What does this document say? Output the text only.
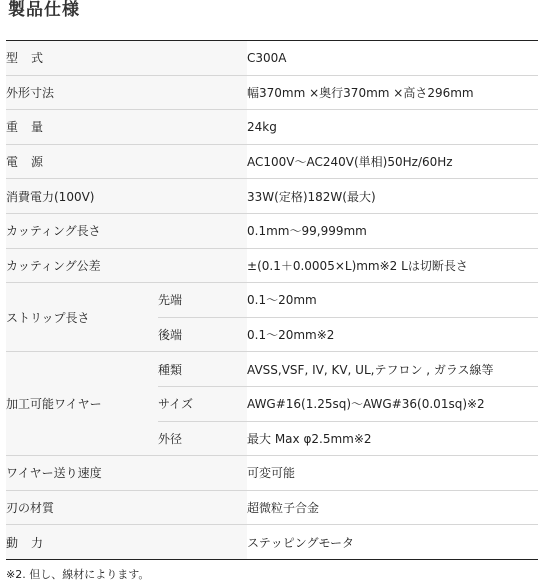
製品仕様
型式		C300A
外形寸法		幅370mm ×奥行370mm ×高さ296mm
重量		24kg
電源		AC100V～AC240V(単相)50Hz/60Hz
消費電力(100V)		33W(定格)182W(最大)
カッティング長さ		0.1mm～99,999mm
カッティング公差		±(0.1＋0.0005×L)mm※2 Lは切断長さ
ストリップ長さ	先端	0.1～20mm
	後端	0.1～20mm※2
加工可能ワイヤー	種類	AVSS,VSF, IV, KV, UL,テフロン , ガラス線等
	サイズ	AWG#16(1.25sq)～AWG#36(0.01sq)※2
	外径	最大 Max φ2.5mm※2
ワイヤー送り速度		可変可能
刃の材質		超微粒子合金
動力		ステッピングモータ
※2. 但し、線材によります。
